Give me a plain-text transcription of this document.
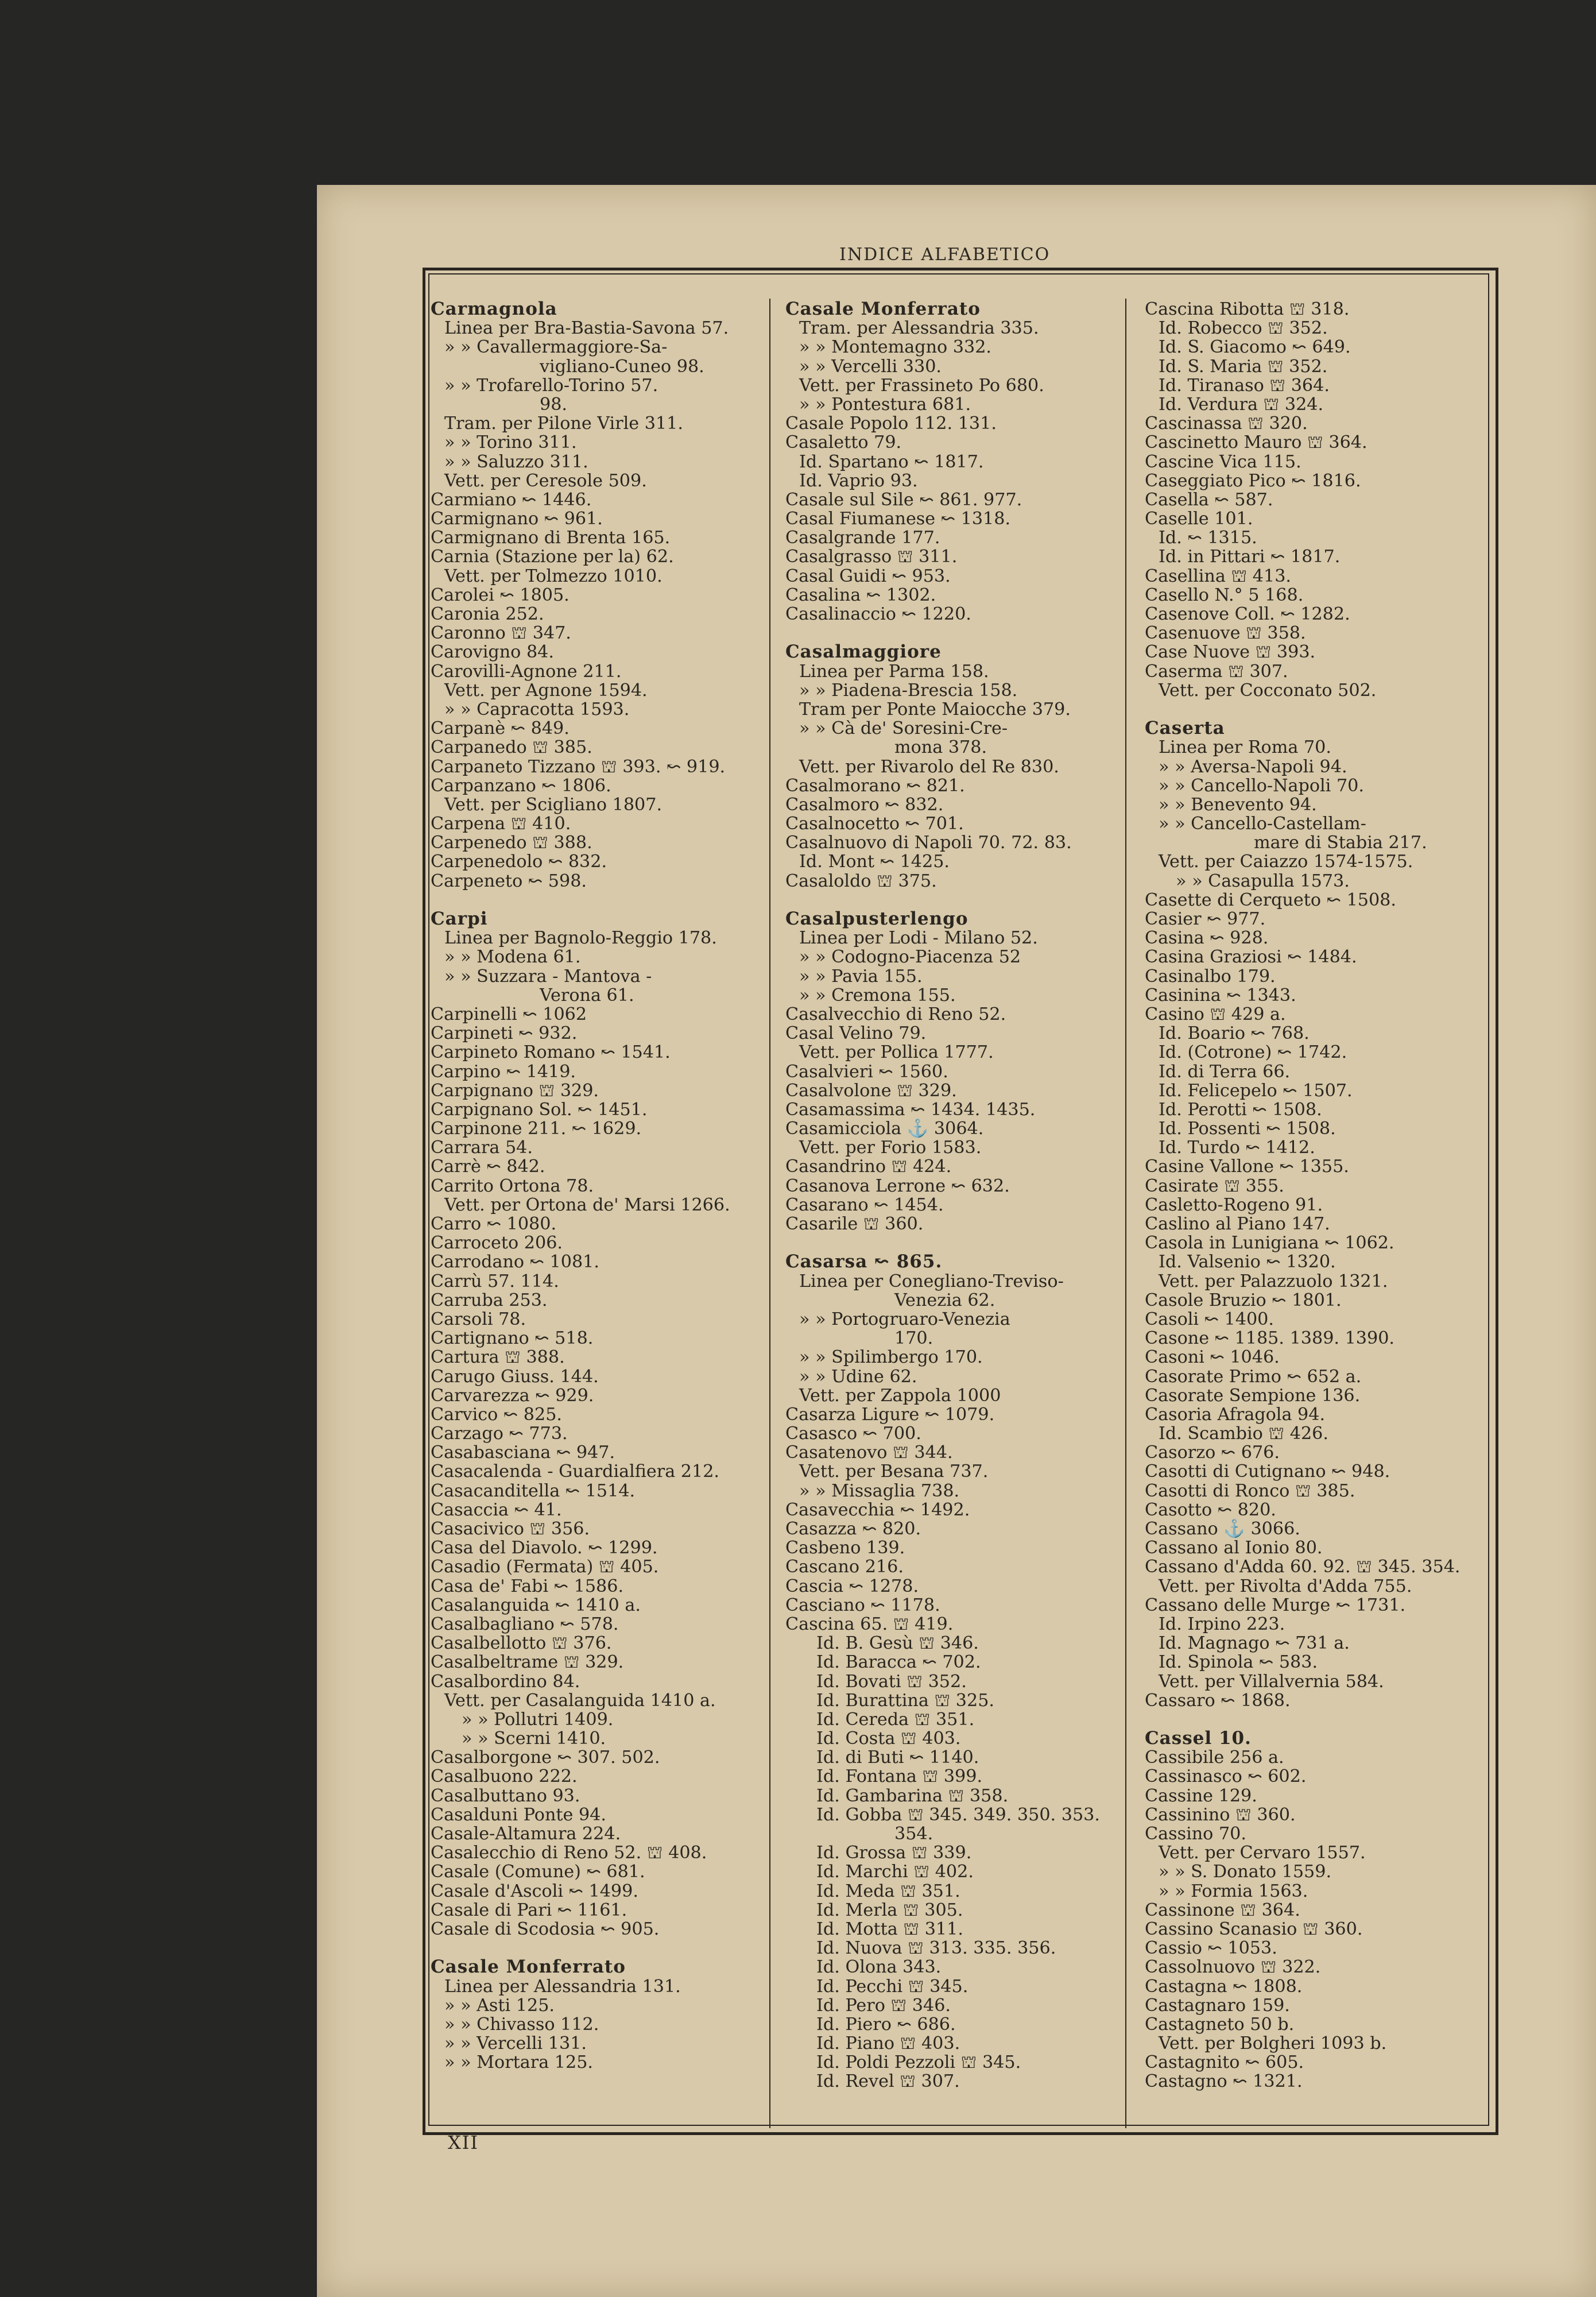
INDICE ALFABETICO
Carmagnola
Linea per Bra-Bastia-Savona 57.
» » Cavallermaggiore-Sa-
vigliano-Cuneo 98.
» » Trofarello-Torino 57.
98.
Tram. per Pilone Virle 311.
» » Torino 311.
» » Saluzzo 311.
Vett. per Ceresole 509.
Carmiano ↜ 1446.
Carmignano ↜ 961.
Carmignano di Brenta 165.
Carnia (Stazione per la) 62.
Vett. per Tolmezzo 1010.
Carolei ↜ 1805.
Caronia 252.
Caronno ⛫ 347.
Carovigno 84.
Carovilli-Agnone 211.
Vett. per Agnone 1594.
» » Capracotta 1593.
Carpanè ↜ 849.
Carpanedo ⛫ 385.
Carpaneto Tizzano ⛫ 393. ↜ 919.
Carpanzano ↜ 1806.
Vett. per Scigliano 1807.
Carpena ⛫ 410.
Carpenedo ⛫ 388.
Carpenedolo ↜ 832.
Carpeneto ↜ 598.
Carpi
Linea per Bagnolo-Reggio 178.
» » Modena 61.
» » Suzzara - Mantova -
Verona 61.
Carpinelli ↜ 1062
Carpineti ↜ 932.
Carpineto Romano ↜ 1541.
Carpino ↜ 1419.
Carpignano ⛫ 329.
Carpignano Sol. ↜ 1451.
Carpinone 211. ↜ 1629.
Carrara 54.
Carrè ↜ 842.
Carrito Ortona 78.
Vett. per Ortona de' Marsi 1266.
Carro ↜ 1080.
Carroceto 206.
Carrodano ↜ 1081.
Carrù 57. 114.
Carruba 253.
Carsoli 78.
Cartignano ↜ 518.
Cartura ⛫ 388.
Carugo Giuss. 144.
Carvarezza ↜ 929.
Carvico ↜ 825.
Carzago ↜ 773.
Casabasciana ↜ 947.
Casacalenda - Guardialfiera 212.
Casacanditella ↜ 1514.
Casaccia ↜ 41.
Casacivico ⛫ 356.
Casa del Diavolo. ↜ 1299.
Casadio (Fermata) ⛫ 405.
Casa de' Fabi ↜ 1586.
Casalanguida ↜ 1410 a.
Casalbagliano ↜ 578.
Casalbellotto ⛫ 376.
Casalbeltrame ⛫ 329.
Casalbordino 84.
Vett. per Casalanguida 1410 a.
» » Pollutri 1409.
» » Scerni 1410.
Casalborgone ↜ 307. 502.
Casalbuono 222.
Casalbuttano 93.
Casalduni Ponte 94.
Casale-Altamura 224.
Casalecchio di Reno 52. ⛫ 408.
Casale (Comune) ↜ 681.
Casale d'Ascoli ↜ 1499.
Casale di Pari ↜ 1161.
Casale di Scodosia ↜ 905.
Casale Monferrato
Linea per Alessandria 131.
» » Asti 125.
» » Chivasso 112.
» » Vercelli 131.
» » Mortara 125.
Casale Monferrato
Tram. per Alessandria 335.
» » Montemagno 332.
» » Vercelli 330.
Vett. per Frassineto Po 680.
» » Pontestura 681.
Casale Popolo 112. 131.
Casaletto 79.
Id. Spartano ↜ 1817.
Id. Vaprio 93.
Casale sul Sile ↜ 861. 977.
Casal Fiumanese ↜ 1318.
Casalgrande 177.
Casalgrasso ⛫ 311.
Casal Guidi ↜ 953.
Casalina ↜ 1302.
Casalinaccio ↜ 1220.
Casalmaggiore
Linea per Parma 158.
» » Piadena-Brescia 158.
Tram per Ponte Maiocche 379.
» » Cà de' Soresini-Cre-
mona 378.
Vett. per Rivarolo del Re 830.
Casalmorano ↜ 821.
Casalmoro ↜ 832.
Casalnocetto ↜ 701.
Casalnuovo di Napoli 70. 72. 83.
Id. Mont ↜ 1425.
Casaloldo ⛫ 375.
Casalpusterlengo
Linea per Lodi - Milano 52.
» » Codogno-Piacenza 52
» » Pavia 155.
» » Cremona 155.
Casalvecchio di Reno 52.
Casal Velino 79.
Vett. per Pollica 1777.
Casalvieri ↜ 1560.
Casalvolone ⛫ 329.
Casamassima ↜ 1434. 1435.
Casamicciola ⚓ 3064.
Vett. per Forio 1583.
Casandrino ⛫ 424.
Casanova Lerrone ↜ 632.
Casarano ↜ 1454.
Casarile ⛫ 360.
Casarsa ↜ 865.
Linea per Conegliano-Treviso-
Venezia 62.
» » Portogruaro-Venezia
170.
» » Spilimbergo 170.
» » Udine 62.
Vett. per Zappola 1000
Casarza Ligure ↜ 1079.
Casasco ↜ 700.
Casatenovo ⛫ 344.
Vett. per Besana 737.
» » Missaglia 738.
Casavecchia ↜ 1492.
Casazza ↜ 820.
Casbeno 139.
Cascano 216.
Cascia ↜ 1278.
Casciano ↜ 1178.
Cascina 65. ⛫ 419.
Id. B. Gesù ⛫ 346.
Id. Baracca ↜ 702.
Id. Bovati ⛫ 352.
Id. Burattina ⛫ 325.
Id. Cereda ⛫ 351.
Id. Costa ⛫ 403.
Id. di Buti ↜ 1140.
Id. Fontana ⛫ 399.
Id. Gambarina ⛫ 358.
Id. Gobba ⛫ 345. 349. 350. 353.
354.
Id. Grossa ⛫ 339.
Id. Marchi ⛫ 402.
Id. Meda ⛫ 351.
Id. Merla ⛫ 305.
Id. Motta ⛫ 311.
Id. Nuova ⛫ 313. 335. 356.
Id. Olona 343.
Id. Pecchi ⛫ 345.
Id. Pero ⛫ 346.
Id. Piero ↜ 686.
Id. Piano ⛫ 403.
Id. Poldi Pezzoli ⛫ 345.
Id. Revel ⛫ 307.
Cascina Ribotta ⛫ 318.
Id. Robecco ⛫ 352.
Id. S. Giacomo ↜ 649.
Id. S. Maria ⛫ 352.
Id. Tiranaso ⛫ 364.
Id. Verdura ⛫ 324.
Cascinassa ⛫ 320.
Cascinetto Mauro ⛫ 364.
Cascine Vica 115.
Caseggiato Pico ↜ 1816.
Casella ↜ 587.
Caselle 101.
Id. ↜ 1315.
Id. in Pittari ↜ 1817.
Casellina ⛫ 413.
Casello N.° 5 168.
Casenove Coll. ↜ 1282.
Casenuove ⛫ 358.
Case Nuove ⛫ 393.
Caserma ⛫ 307.
Vett. per Cocconato 502.
Caserta
Linea per Roma 70.
» » Aversa-Napoli 94.
» » Cancello-Napoli 70.
» » Benevento 94.
» » Cancello-Castellam-
mare di Stabia 217.
Vett. per Caiazzo 1574-1575.
» » Casapulla 1573.
Casette di Cerqueto ↜ 1508.
Casier ↜ 977.
Casina ↜ 928.
Casina Graziosi ↜ 1484.
Casinalbo 179.
Casinina ↜ 1343.
Casino ⛫ 429 a.
Id. Boario ↜ 768.
Id. (Cotrone) ↜ 1742.
Id. di Terra 66.
Id. Felicepelo ↜ 1507.
Id. Perotti ↜ 1508.
Id. Possenti ↜ 1508.
Id. Turdo ↜ 1412.
Casine Vallone ↜ 1355.
Casirate ⛫ 355.
Casletto-Rogeno 91.
Caslino al Piano 147.
Casola in Lunigiana ↜ 1062.
Id. Valsenio ↜ 1320.
Vett. per Palazzuolo 1321.
Casole Bruzio ↜ 1801.
Casoli ↜ 1400.
Casone ↜ 1185. 1389. 1390.
Casoni ↜ 1046.
Casorate Primo ↜ 652 a.
Casorate Sempione 136.
Casoria Afragola 94.
Id. Scambio ⛫ 426.
Casorzo ↜ 676.
Casotti di Cutignano ↜ 948.
Casotti di Ronco ⛫ 385.
Casotto ↜ 820.
Cassano ⚓ 3066.
Cassano al Ionio 80.
Cassano d'Adda 60. 92. ⛫ 345. 354.
Vett. per Rivolta d'Adda 755.
Cassano delle Murge ↜ 1731.
Id. Irpino 223.
Id. Magnago ↜ 731 a.
Id. Spinola ↜ 583.
Vett. per Villalvernia 584.
Cassaro ↜ 1868.
Cassel 10.
Cassibile 256 a.
Cassinasco ↜ 602.
Cassine 129.
Cassinino ⛫ 360.
Cassino 70.
Vett. per Cervaro 1557.
» » S. Donato 1559.
» » Formia 1563.
Cassinone ⛫ 364.
Cassino Scanasio ⛫ 360.
Cassio ↜ 1053.
Cassolnuovo ⛫ 322.
Castagna ↜ 1808.
Castagnaro 159.
Castagneto 50 b.
Vett. per Bolgheri 1093 b.
Castagnito ↜ 605.
Castagno ↜ 1321.
XII
